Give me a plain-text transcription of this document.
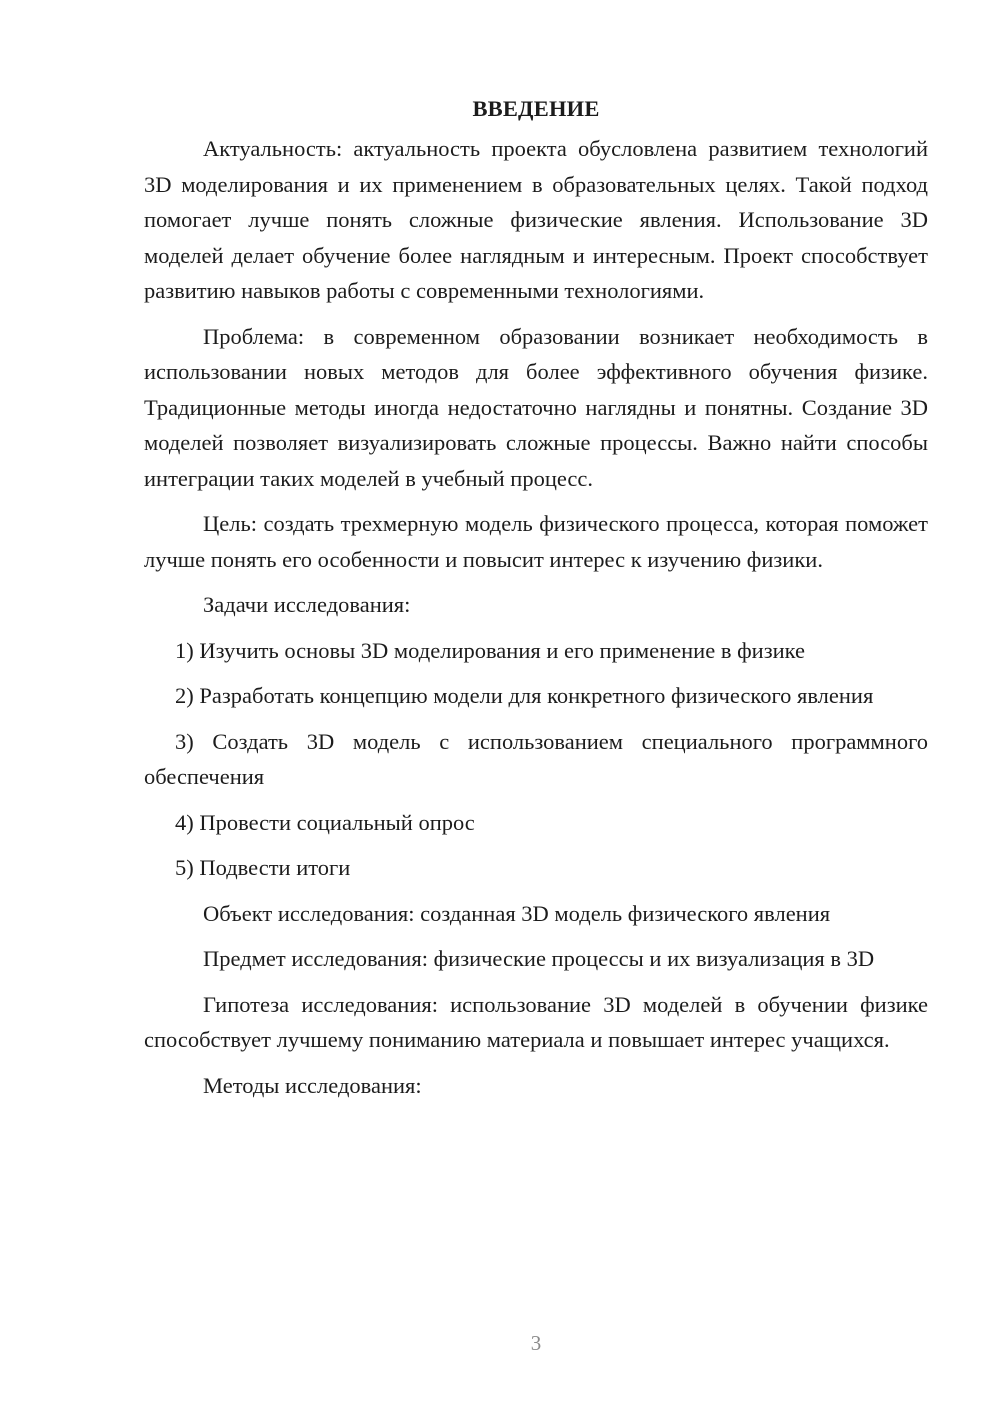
ВВЕДЕНИЕ

Актуальность: актуальность проекта обусловлена развитием технологий 3D моделирования и их применением в образовательных целях. Такой подход помогает лучше понять сложные физические явления. Использование 3D моделей делает обучение более наглядным и интересным. Проект способствует развитию навыков работы с современными технологиями.

Проблема: в современном образовании возникает необходимость в использовании новых методов для более эффективного обучения физике. Традиционные методы иногда недостаточно наглядны и понятны. Создание 3D моделей позволяет визуализировать сложные процессы. Важно найти способы интеграции таких моделей в учебный процесс.

Цель: создать трехмерную модель физического процесса, которая поможет лучше понять его особенности и повысит интерес к изучению физики.

Задачи исследования:

1) Изучить основы 3D моделирования и его применение в физике

2) Разработать концепцию модели для конкретного физического явления

3) Создать 3D модель с использованием специального программного обеспечения

4) Провести социальный опрос

5) Подвести итоги

Объект исследования: созданная 3D модель физического явления

Предмет исследования: физические процессы и их визуализация в 3D

Гипотеза исследования: использование 3D моделей в обучении физике способствует лучшему пониманию материала и повышает интерес учащихся.

Методы исследования:

3
